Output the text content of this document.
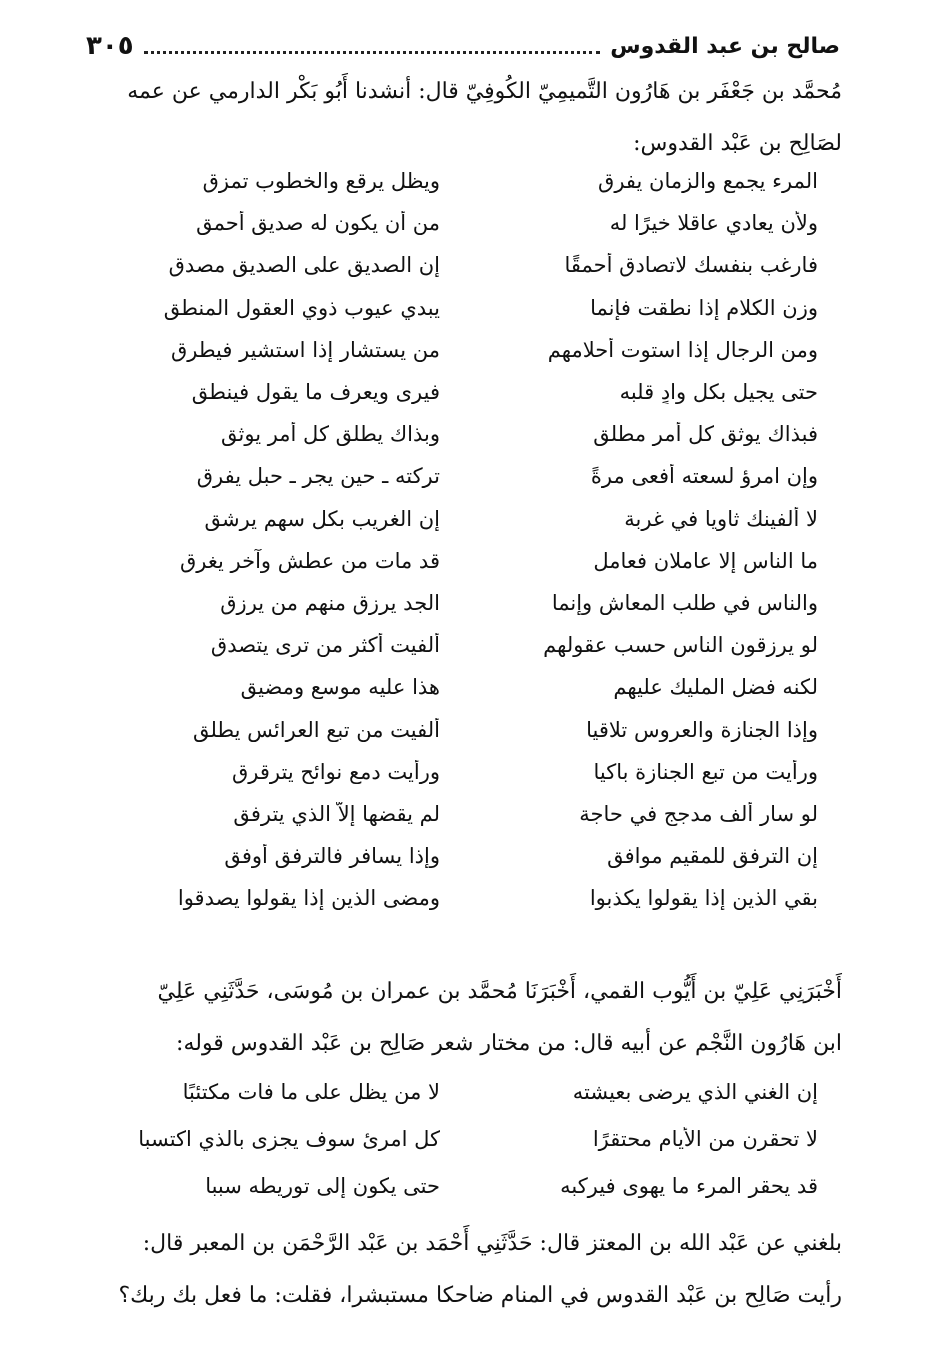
صالح بن عبد القدوس
٣٠٥

مُحمَّد بن جَعْفَر بن هَارُون التَّميمِيّ الكُوفِيّ قال: أنشدنا أَبُو بَكْر الدارمي عن عمه

لصَالِح بن عَبْد القدوس:

المرء يجمع والزمان يفرق
ويظل يرقع والخطوب تمزق
ولأن يعادي عاقلا خيرًا له
من أن يكون له صديق أحمق
فارغب بنفسك لاتصادق أحمقًا
إن الصديق على الصديق مصدق
وزن الكلام إذا نطقت فإنما
يبدي عيوب ذوي العقول المنطق
ومن الرجال إذا استوت أحلامهم
من يستشار إذا استشير فيطرق
حتى يجيل بكل وادٍ قلبه
فيرى ويعرف ما يقول فينطق
فبذاك يوثق كل أمر مطلق
وبذاك يطلق كل أمر يوثق
وإن امرؤ لسعته أفعى مرةً
تركته ـ حين يجر ـ حبل يفرق
لا ألفينك ثاويا في غربة
إن الغريب بكل سهم يرشق
ما الناس إلا عاملان فعامل
قد مات من عطش وآخر يغرق
والناس في طلب المعاش وإنما
الجد يرزق منهم من يرزق
لو يرزقون الناس حسب عقولهم
ألفيت أكثر من ترى يتصدق
لكنه فضل المليك عليهم
هذا عليه موسع ومضيق
وإذا الجنازة والعروس تلاقيا
ألفيت من تبع العرائس يطلق
ورأيت من تبع الجنازة باكيا
ورأيت دمع نوائح يترقرق
لو سار ألف مدجج في حاجة
لم يقضها إلاّ الذي يترفق
إن الترفق للمقيم موافق
وإذا يسافر فالترفق أوفق
بقي الذين إذا يقولوا يكذبوا
ومضى الذين إذا يقولوا يصدقوا

أَخْبَرَنِي عَلِيّ بن أَيُّوب القمي، أَخْبَرَنَا مُحمَّد بن عمران بن مُوسَى، حَدَّثَنِي عَلِيّ

ابن هَارُون النَّجْم عن أبيه قال: من مختار شعر صَالِح بن عَبْد القدوس قوله:

إن الغني الذي يرضى بعيشته
لا من يظل على ما فات مكتئبًا
لا تحقرن من الأيام محتقرًا
كل امرئ سوف يجزى بالذي اكتسبا
قد يحقر المرء ما يهوى فيركبه
حتى يكون إلى توريطه سببا

بلغني عن عَبْد الله بن المعتز قال: حَدَّثَنِي أَحْمَد بن عَبْد الرَّحْمَن بن المعبر قال:

رأيت صَالِح بن عَبْد القدوس في المنام ضاحكا مستبشرا، فقلت: ما فعل بك ربك؟
